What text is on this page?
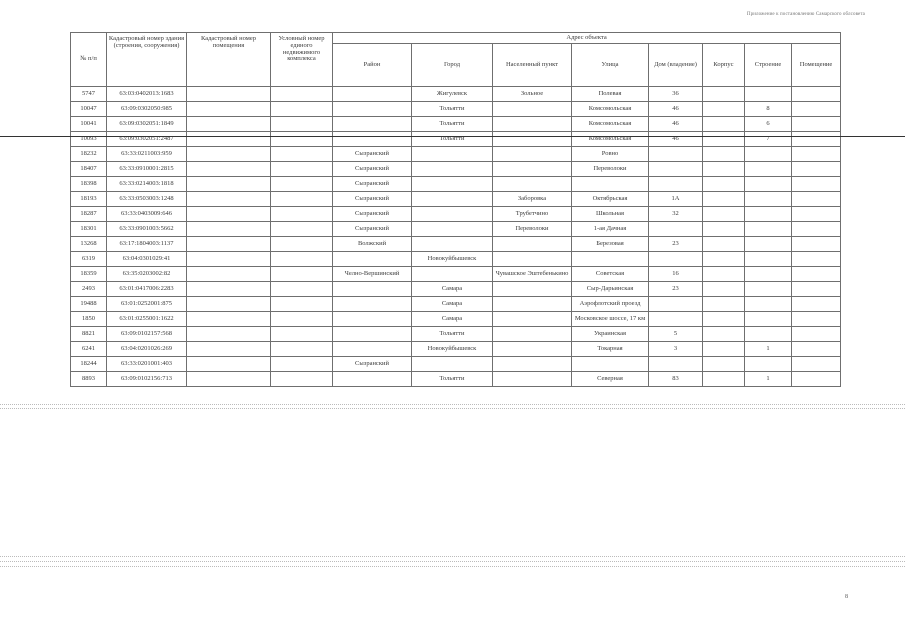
Приложение к постановлению Самарского облсовета
№ п/п	Кадастровый номер здания (строения, сооружения)	Кадастровый номер помещения	Условный номер единого недвижимого комплекса	Адрес объекта							
				Район	Город	Населенный пункт	Улица	Дом (владение)	Корпус	Строение	Помещение
5747	63:03:0402013:1683				Жигулевск	Зольное	Полевая	36			
10047	63:09:0302050:985				Тольятти		Комсомольская	46		8	
10041	63:09:0302051:1849				Тольятти		Комсомольская	46		6	
10093	63:09:0302051:2487				Тольятти		Комсомольская	46		7	
18232	63:33:0211003:959			Сызранский			Ровно				
18407	63:33:0910001:2815			Сызранский			Переволоки				
18398	63:33:0214003:1818			Сызранский							
18193	63:33:0503003:1248			Сызранский		Заборовка	Октябрьская	1А			
18287	63:33:0403009:646			Сызранский		Трубетчино	Школьная	32			
18301	63:33:0901003:5662			Сызранский		Переволоки	1-ая Дачная				
13268	63:17:1804003:1137			Волжский			Березовая	23			
6319	63:04:0301029:41				Новокуйбышевск						
18359	63:35:0203002:82			Челно-Вершинский		Чувашское Эштебенькино	Советская	16			
2493	63:01:0417006:2283				Самара		Сыр-Дарьинская	23			
19488	63:01:0252001:875				Самара		Аэрофлотский проезд				
1850	63:01:0255001:1622				Самара		Московское шоссе, 17 км				
8821	63:09:0102157:568				Тольятти		Украинская	5			
6241	63:04:0201026:269				Новокуйбышевск		Токарная	3		1	
18244	63:33:0201001:403			Сызранский							
8893	63:09:0102156:713				Тольятти		Северная	83		1	
8
